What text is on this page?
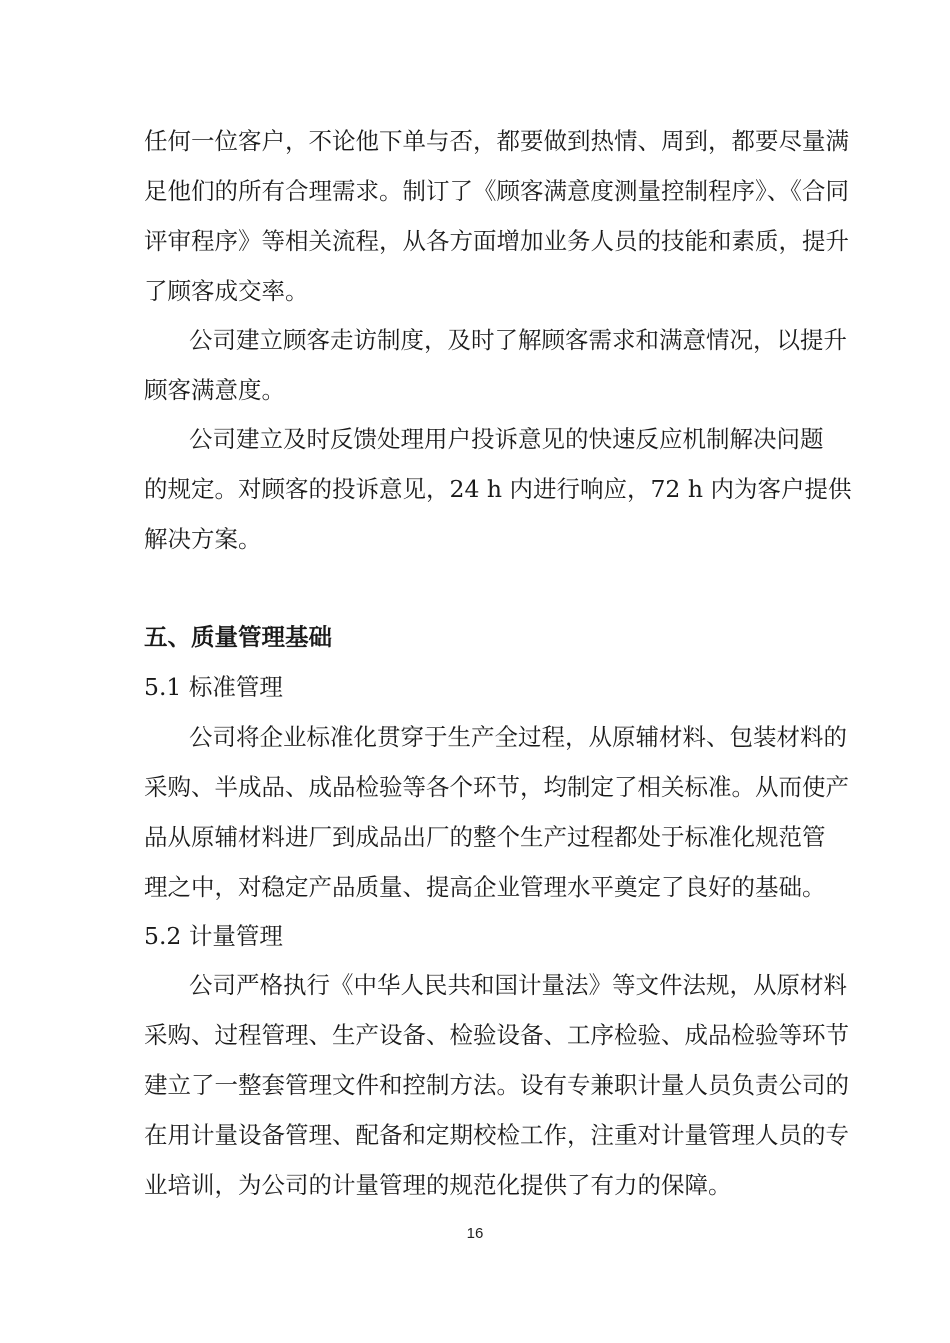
任何一位客户，不论他下单与否，都要做到热情、周到，都要尽量满
足他们的所有合理需求。制订了《顾客满意度测量控制程序》、《合同
评审程序》等相关流程，从各方面增加业务人员的技能和素质，提升
了顾客成交率。
公司建立顾客走访制度，及时了解顾客需求和满意情况，以提升
顾客满意度。
公司建立及时反馈处理用户投诉意见的快速反应机制解决问题
的规定。对顾客的投诉意见，24 h 内进行响应，72 h 内为客户提供
解决方案。
五、质量管理基础
5.1 标准管理
公司将企业标准化贯穿于生产全过程，从原辅材料、包装材料的
采购、半成品、成品检验等各个环节，均制定了相关标准。从而使产
品从原辅材料进厂到成品出厂的整个生产过程都处于标准化规范管
理之中，对稳定产品质量、提高企业管理水平奠定了良好的基础。
5.2 计量管理
公司严格执行《中华人民共和国计量法》等文件法规，从原材料
采购、过程管理、生产设备、检验设备、工序检验、成品检验等环节
建立了一整套管理文件和控制方法。设有专兼职计量人员负责公司的
在用计量设备管理、配备和定期校检工作，注重对计量管理人员的专
业培训，为公司的计量管理的规范化提供了有力的保障。
16
